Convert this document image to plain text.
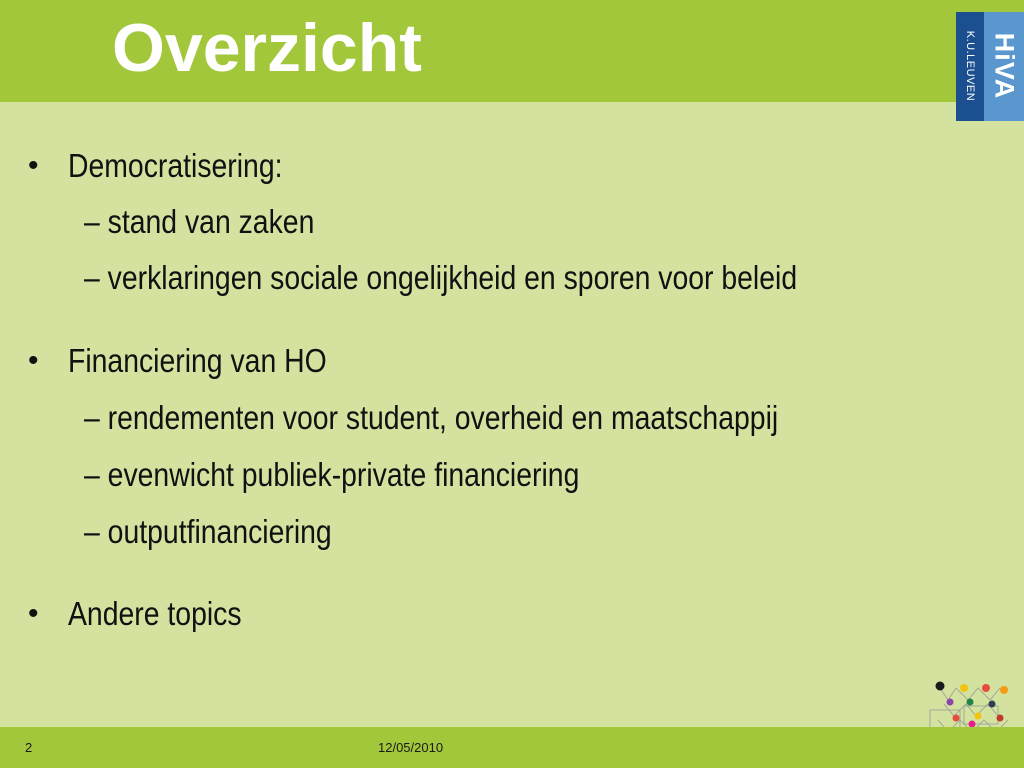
Overzicht	K.U.LEUVEN HiVA
• Democratisering:
– stand van zaken
– verklaringen sociale ongelijkheid en sporen voor beleid
• Financiering van HO
– rendementen voor student, overheid en maatschappij
– evenwicht publiek-private financiering
– outputfinanciering
• Andere topics
2	12/05/2010
